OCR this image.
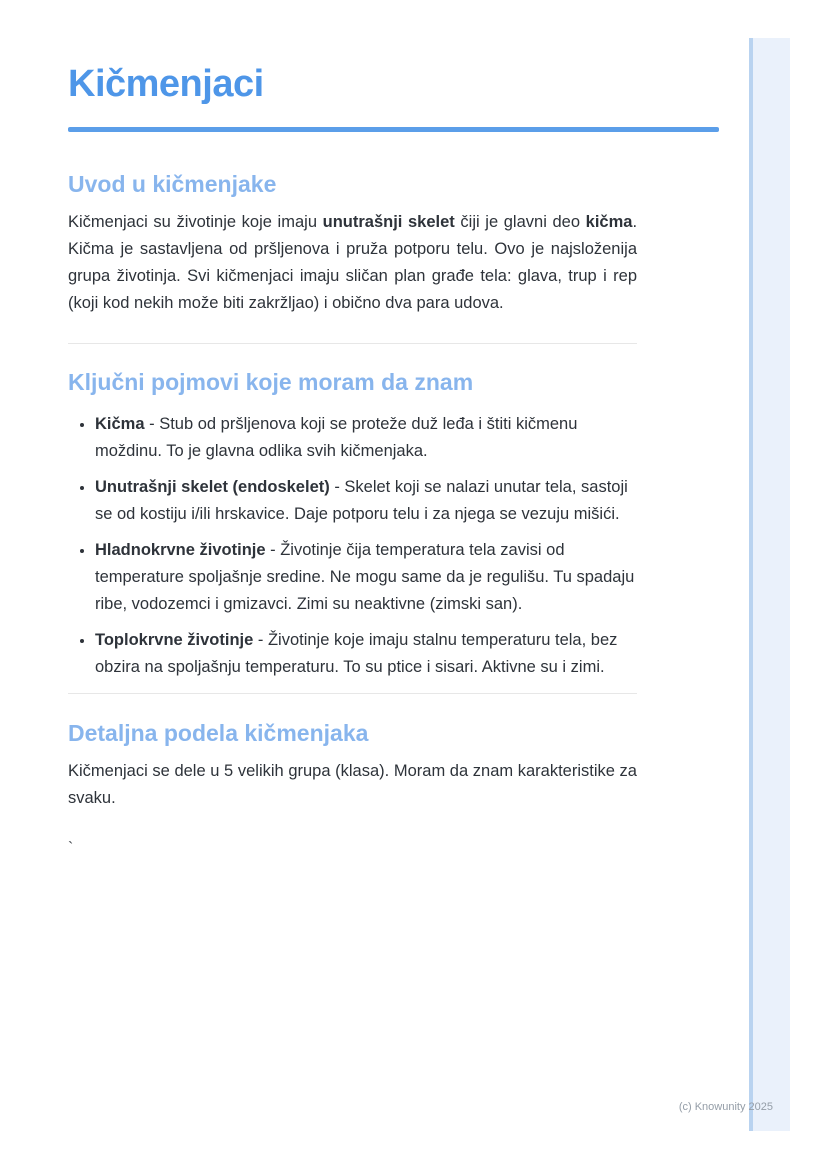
Kičmenjaci
Uvod u kičmenjake

Kičmenjaci su životinje koje imaju unutrašnji skelet čiji je glavni deo kičma. Kičma je sastavljena od pršljenova i pruža potporu telu. Ovo je najsloženija grupa životinja. Svi kičmenjaci imaju sličan plan građe tela: glava, trup i rep (koji kod nekih može biti zakržljao) i obično dva para udova.

Ključni pojmovi koje moram da znam
• Kičma - Stub od pršljenova koji se proteže duž leđa i štiti kičmenu moždinu. To je glavna odlika svih kičmenjaka.
• Unutrašnji skelet (endoskelet) - Skelet koji se nalazi unutar tela, sastoji se od kostiju i/ili hrskavice. Daje potporu telu i za njega se vezuju mišići.
• Hladnokrvne životinje - Životinje čija temperatura tela zavisi od temperature spoljašnje sredine. Ne mogu same da je regulišu. Tu spadaju ribe, vodozemci i gmizavci. Zimi su neaktivne (zimski san).
• Toplokrvne životinje - Životinje koje imaju stalnu temperaturu tela, bez obzira na spoljašnju temperaturu. To su ptice i sisari. Aktivne su i zimi.
Detaljna podela kičmenjaka

Kičmenjaci se dele u 5 velikih grupa (klasa). Moram da znam karakteristike za svaku.

`
(c) Knowunity 2025
